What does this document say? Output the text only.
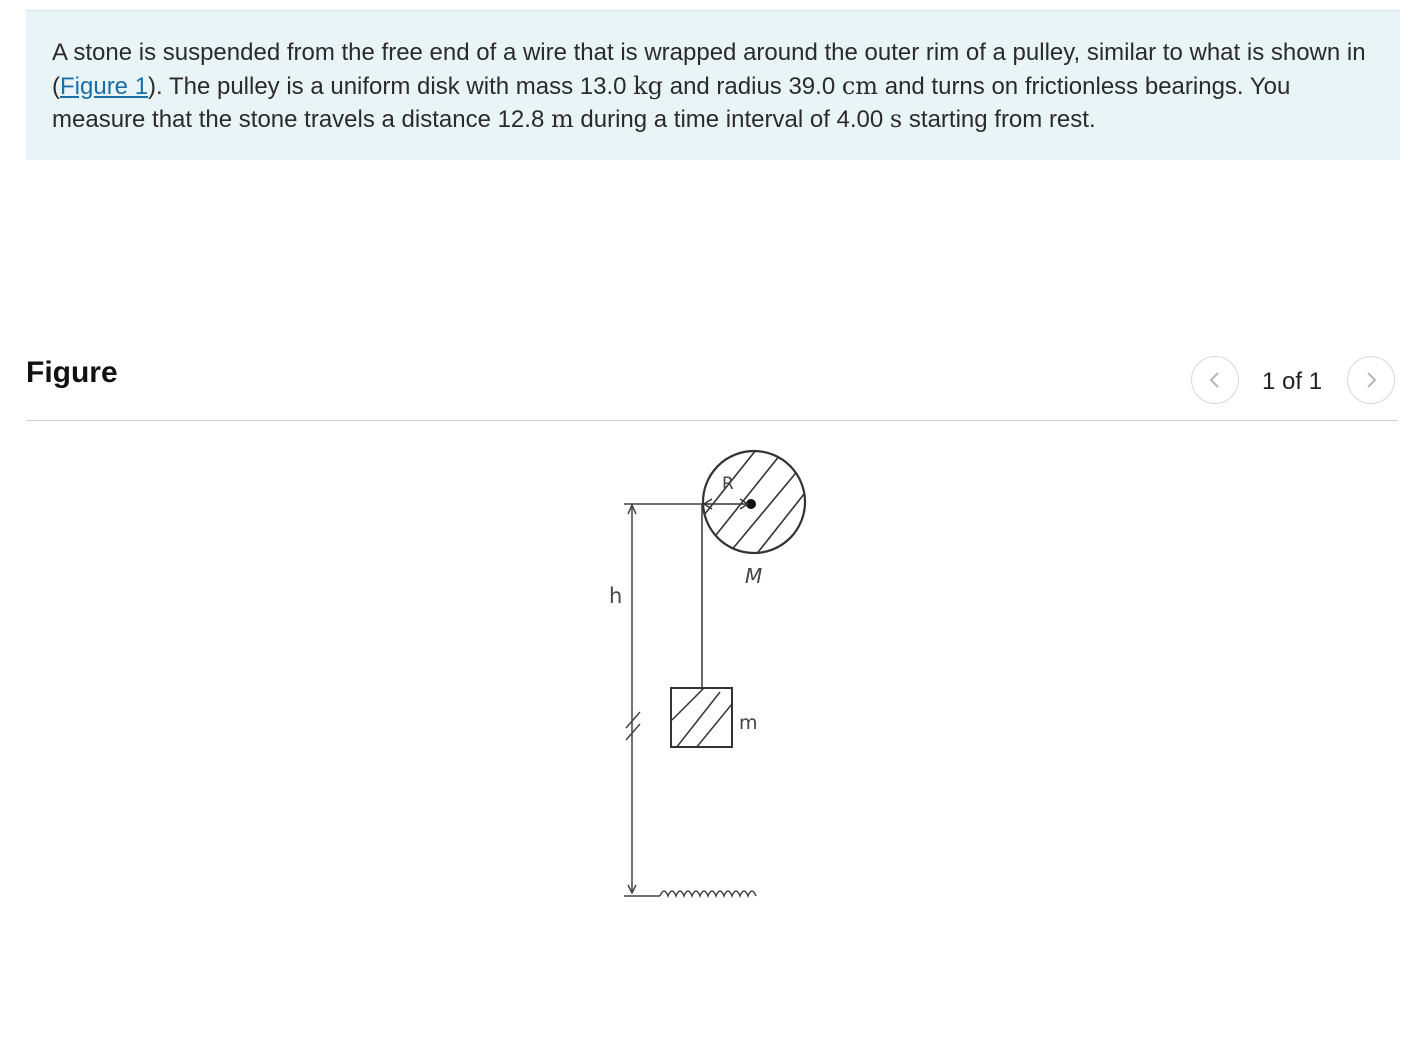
A stone is suspended from the free end of a wire that is wrapped around the outer rim of a pulley, similar to what is shown in (Figure 1). The pulley is a uniform disk with mass 13.0 kg and radius 39.0 cm and turns on frictionless bearings. You measure that the stone travels a distance 12.8 m during a time interval of 4.00 s starting from rest.

Figure	1 of 1
R
M
h
m
